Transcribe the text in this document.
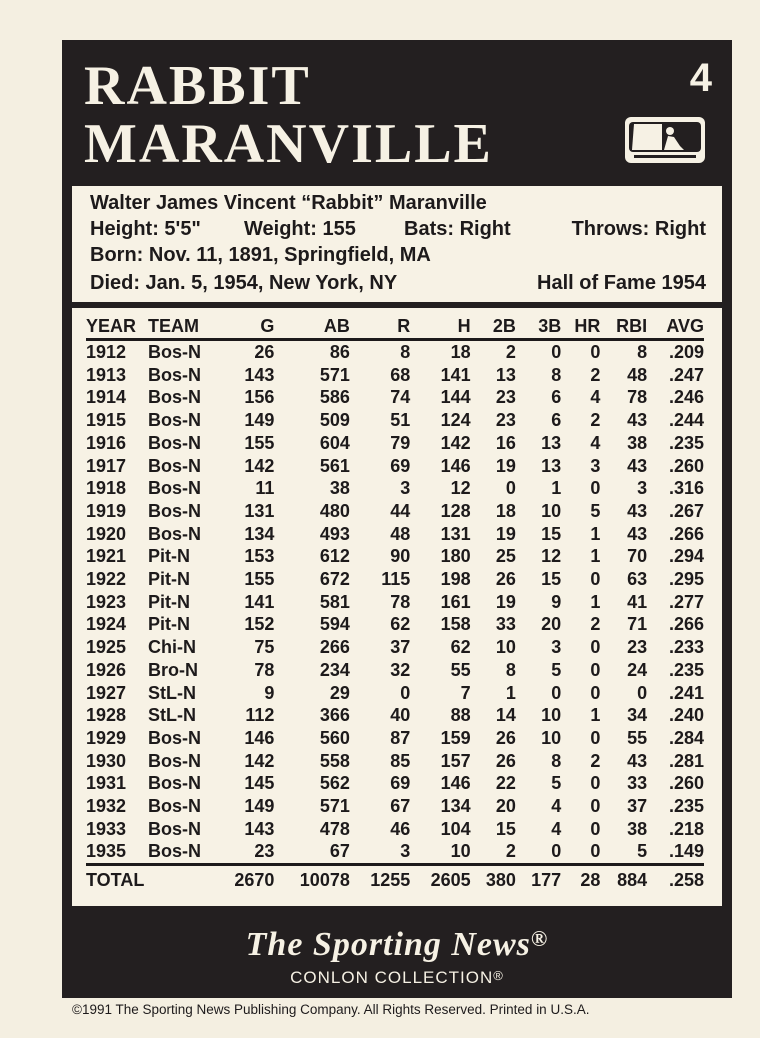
RABBIT
MARANVILLE
4
Walter James Vincent “Rabbit” Maranville
Height: 5'5" Weight: 155 Bats: Right	Throws: Right
Born: Nov. 11, 1891, Springfield, MA
Died: Jan. 5, 1954, New York, NY	Hall of Fame 1954
YEAR	TEAM	G	AB	R	H	2B	3B	HR	RBI	AVG
1912	Bos-N	26	86	8	18	2	0	0	8	.209
1913	Bos-N	143	571	68	141	13	8	2	48	.247
1914	Bos-N	156	586	74	144	23	6	4	78	.246
1915	Bos-N	149	509	51	124	23	6	2	43	.244
1916	Bos-N	155	604	79	142	16	13	4	38	.235
1917	Bos-N	142	561	69	146	19	13	3	43	.260
1918	Bos-N	11	38	3	12	0	1	0	3	.316
1919	Bos-N	131	480	44	128	18	10	5	43	.267
1920	Bos-N	134	493	48	131	19	15	1	43	.266
1921	Pit-N	153	612	90	180	25	12	1	70	.294
1922	Pit-N	155	672	115	198	26	15	0	63	.295
1923	Pit-N	141	581	78	161	19	9	1	41	.277
1924	Pit-N	152	594	62	158	33	20	2	71	.266
1925	Chi-N	75	266	37	62	10	3	0	23	.233
1926	Bro-N	78	234	32	55	8	5	0	24	.235
1927	StL-N	9	29	0	7	1	0	0	0	.241
1928	StL-N	112	366	40	88	14	10	1	34	.240
1929	Bos-N	146	560	87	159	26	10	0	55	.284
1930	Bos-N	142	558	85	157	26	8	2	43	.281
1931	Bos-N	145	562	69	146	22	5	0	33	.260
1932	Bos-N	149	571	67	134	20	4	0	37	.235
1933	Bos-N	143	478	46	104	15	4	0	38	.218
1935	Bos-N	23	67	3	10	2	0	0	5	.149
TOTAL		2670	10078	1255	2605	380	177	28	884	.258
The Sporting News®
CONLON COLLECTION®
©1991 The Sporting News Publishing Company. All Rights Reserved. Printed in U.S.A.
